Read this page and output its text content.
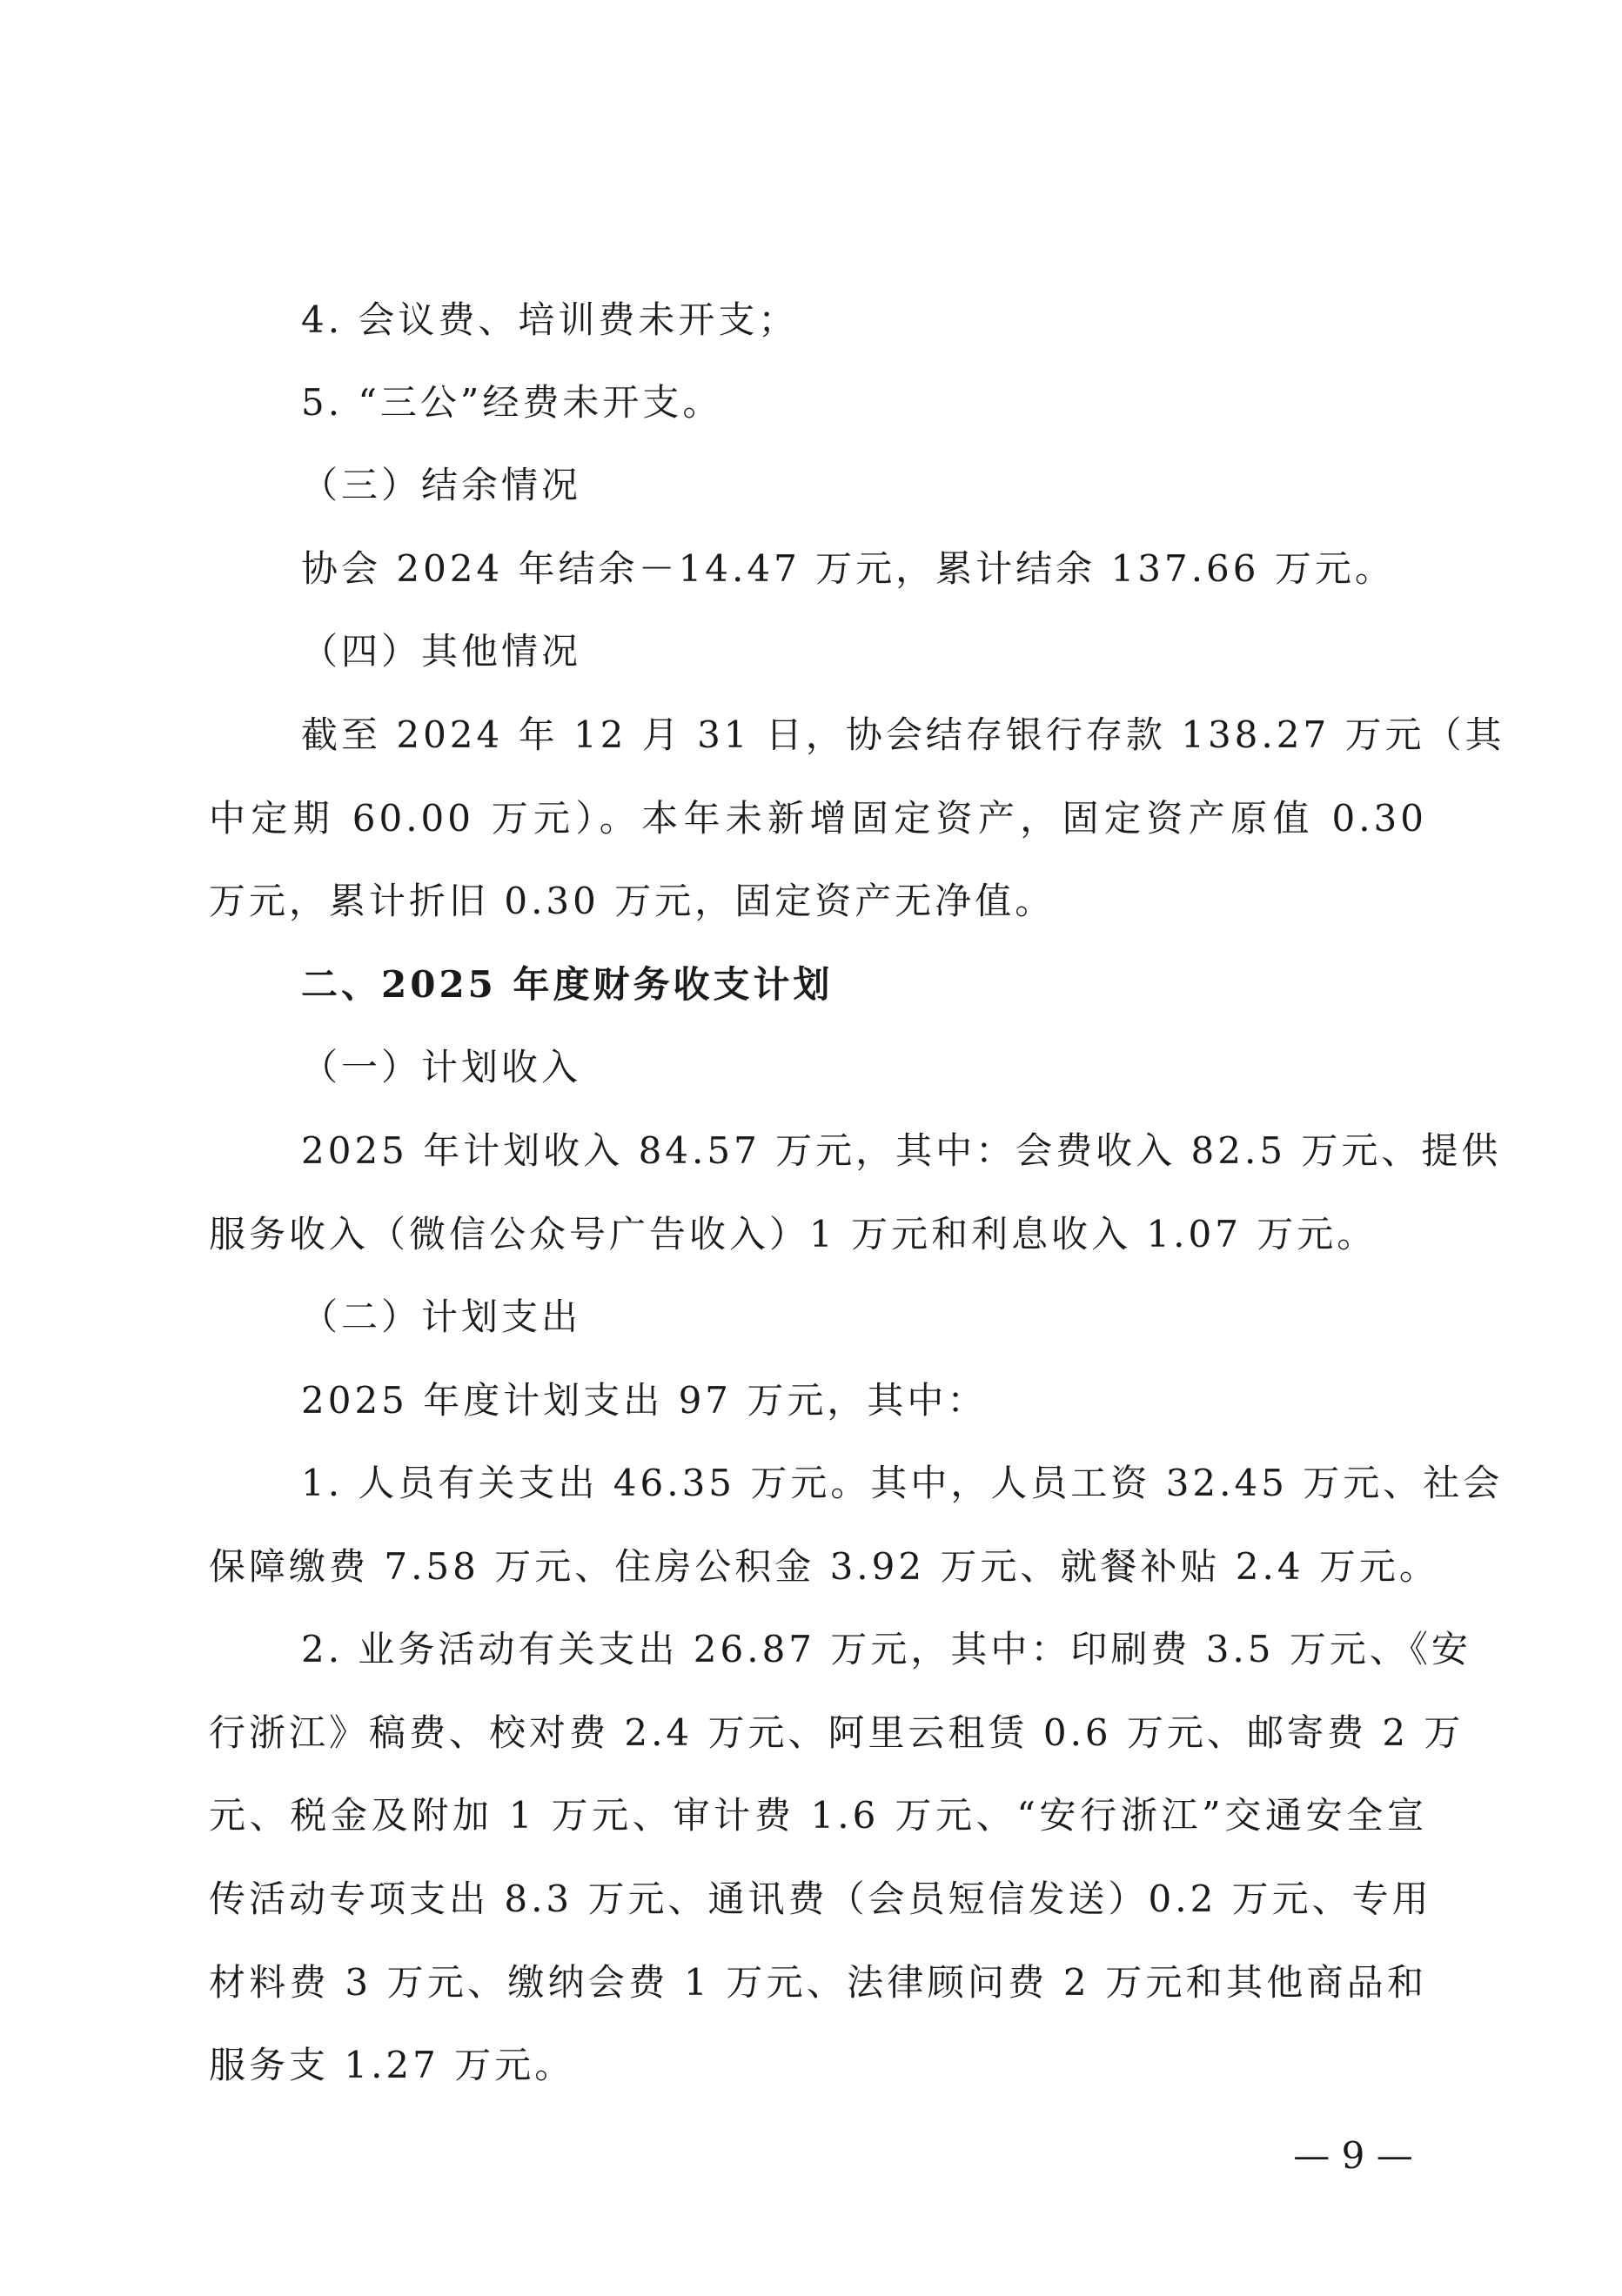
4. 会议费、培训费未开支；
5. “三公”经费未开支。
（三）结余情况
协会 2024 年结余－14.47 万元，累计结余 137.66 万元。
（四）其他情况
截至 2024 年 12 月 31 日，协会结存银行存款 138.27 万元（其
中定期 60.00 万元）。本年未新增固定资产，固定资产原值 0.30
万元，累计折旧 0.30 万元，固定资产无净值。
二、2025 年度财务收支计划
（一）计划收入
2025 年计划收入 84.57 万元，其中：会费收入 82.5 万元、提供
服务收入（微信公众号广告收入）1 万元和利息收入 1.07 万元。
（二）计划支出
2025 年度计划支出 97 万元，其中：
1. 人员有关支出 46.35 万元。其中，人员工资 32.45 万元、社会
保障缴费 7.58 万元、住房公积金 3.92 万元、就餐补贴 2.4 万元。
2. 业务活动有关支出 26.87 万元，其中：印刷费 3.5 万元、《安
行浙江》稿费、校对费 2.4 万元、阿里云租赁 0.6 万元、邮寄费 2 万
元、税金及附加 1 万元、审计费 1.6 万元、“安行浙江”交通安全宣
传活动专项支出 8.3 万元、通讯费（会员短信发送）0.2 万元、专用
材料费 3 万元、缴纳会费 1 万元、法律顾问费 2 万元和其他商品和
服务支 1.27 万元。
— 9 —
